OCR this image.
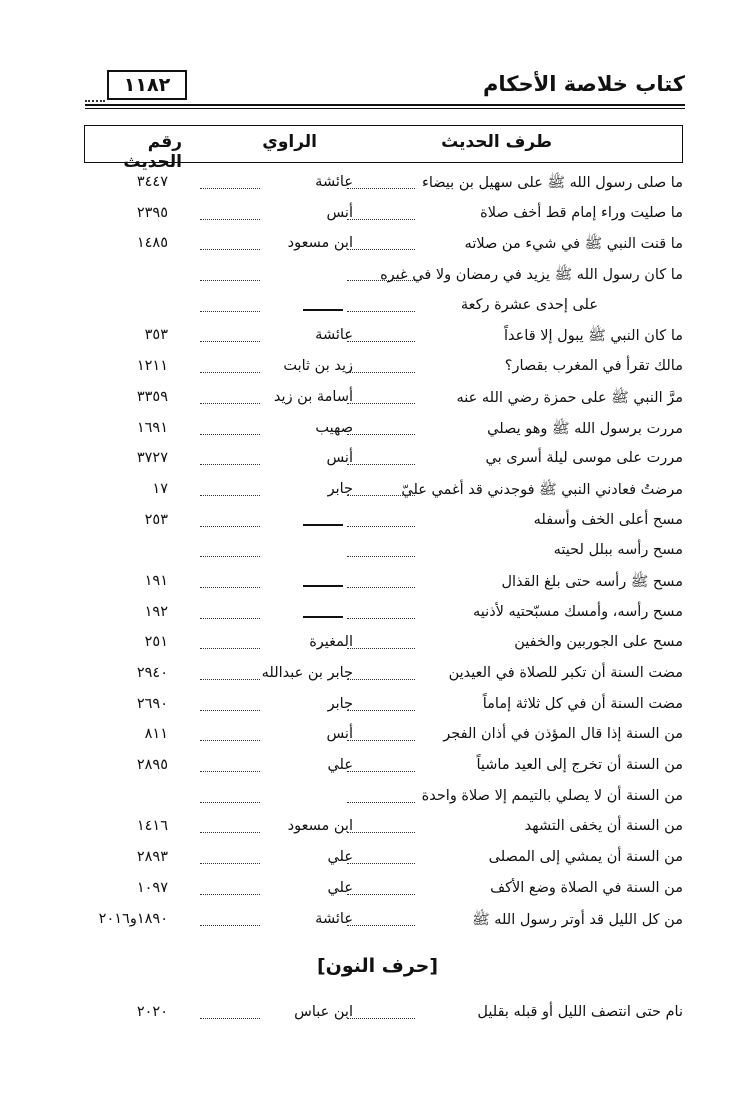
كتاب خلاصة الأحكام
١١٨٢
طرف الحديث
الراوي
رقم الحديث
ما صلى رسول الله ﷺ على سهيل بن بيضاء
عائشة
٣٤٤٧
ما صليت وراء إمام قط أخف صلاة
أنس
٢٣٩٥
ما قنت النبي ﷺ في شيء من صلاته
ابن مسعود
١٤٨٥
ما كان رسول الله ﷺ يزيد في رمضان ولا في غيره
على إحدى عشرة ركعة
ما كان النبي ﷺ يبول إلا قاعداً
عائشة
٣٥٣
مالك تقرأ في المغرب بقصار؟
زيد بن ثابت
١٢١١
مرَّ النبي ﷺ على حمزة رضي الله عنه
أسامة بن زيد
٣٣٥٩
مررت برسول الله ﷺ وهو يصلي
صهيب
١٦٩١
مررت على موسى ليلة أسرى بي
أنس
٣٧٢٧
مرضتُ فعادني النبي ﷺ فوجدني قد أغمي عليّ
جابر
١٧
مسح أعلى الخف وأسفله
٢٥٣
مسح رأسه ببلل لحيته
مسح ﷺ رأسه حتى بلغ القذال
١٩١
مسح رأسه، وأمسك مسبّحتيه لأذنيه
١٩٢
مسح على الجوربين والخفين
المغيرة
٢٥١
مضت السنة أن تكبر للصلاة في العيدين
جابر بن عبدالله
٢٩٤٠
مضت السنة أن في كل ثلاثة إماماً
جابر
٢٦٩٠
من السنة إذا قال المؤذن في أذان الفجر
أنس
٨١١
من السنة أن تخرج إلى العيد ماشياً
علي
٢٨٩٥
من السنة أن لا يصلي بالتيمم إلا صلاة واحدة
من السنة أن يخفى التشهد
ابن مسعود
١٤١٦
من السنة أن يمشي إلى المصلى
علي
٢٨٩٣
من السنة في الصلاة وضع الأكف
علي
١٠٩٧
من كل الليل قد أوتر رسول الله ﷺ
عائشة
١٨٩٠و٢٠١٦
[حرف النون]
نام حتى انتصف الليل أو قبله بقليل
ابن عباس
٢٠٢٠
